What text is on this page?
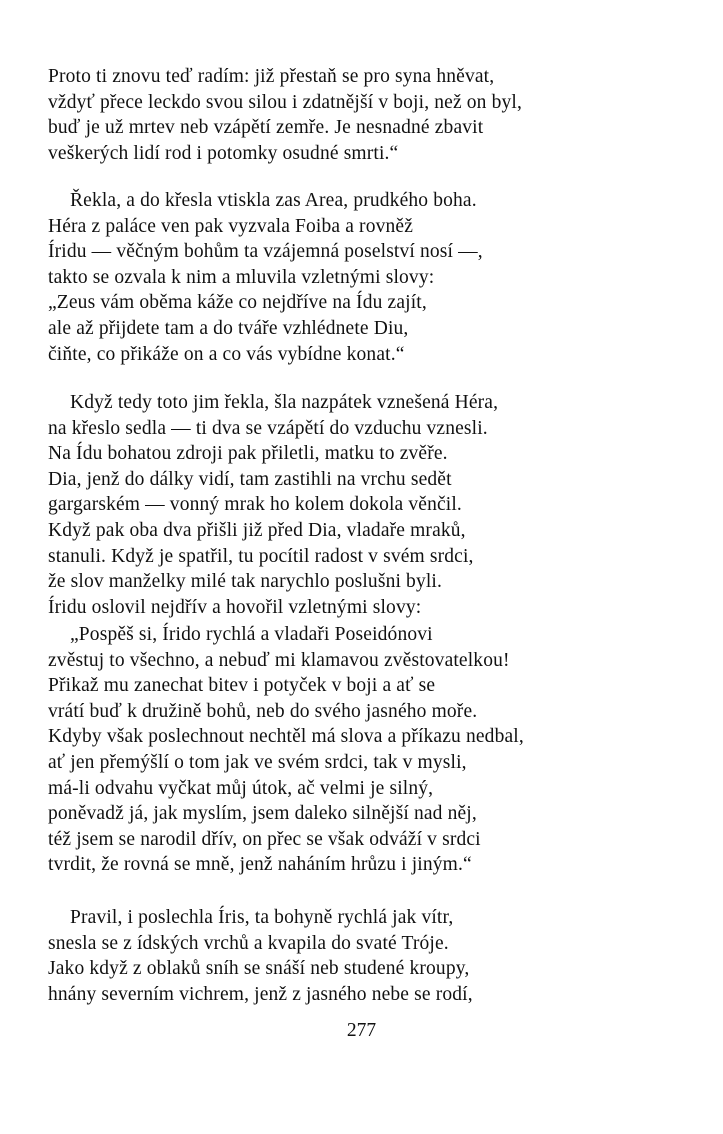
Proto ti znovu teď radím: již přestaň se pro syna hněvat,
vždyť přece leckdo svou silou i zdatnější v boji, než on byl,
buď je už mrtev neb vzápětí zemře. Je nesnadné zbavit
veškerých lidí rod i potomky osudné smrti.“
Řekla, a do křesla vtiskla zas Area, prudkého boha.
Héra z paláce ven pak vyzvala Foiba a rovněž
Íridu — věčným bohům ta vzájemná poselství nosí —,
takto se ozvala k nim a mluvila vzletnými slovy:
„Zeus vám oběma káže co nejdříve na Ídu zajít,
ale až přijdete tam a do tváře vzhlédnete Diu,
čiňte, co přikáže on a co vás vybídne konat.“
Když tedy toto jim řekla, šla nazpátek vznešená Héra,
na křeslo sedla — ti dva se vzápětí do vzduchu vznesli.
Na Ídu bohatou zdroji pak přiletli, matku to zvěře.
Dia, jenž do dálky vidí, tam zastihli na vrchu sedět
gargarském — vonný mrak ho kolem dokola věnčil.
Když pak oba dva přišli již před Dia, vladaře mraků,
stanuli. Když je spatřil, tu pocítil radost v svém srdci,
že slov manželky milé tak narychlo poslušni byli.
Íridu oslovil nejdřív a hovořil vzletnými slovy:
„Pospěš si, Írido rychlá a vladaři Poseidónovi
zvěstuj to všechno, a nebuď mi klamavou zvěstovatelkou!
Přikaž mu zanechat bitev i potyček v boji a ať se
vrátí buď k družině bohů, neb do svého jasného moře.
Kdyby však poslechnout nechtěl má slova a příkazu nedbal,
ať jen přemýšlí o tom jak ve svém srdci, tak v mysli,
má-li odvahu vyčkat můj útok, ač velmi je silný,
poněvadž já, jak myslím, jsem daleko silnější nad něj,
též jsem se narodil dřív, on přec se však odváží v srdci
tvrdit, že rovná se mně, jenž naháním hrůzu i jiným.“
Pravil, i poslechla Íris, ta bohyně rychlá jak vítr,
snesla se z ídských vrchů a kvapila do svaté Tróje.
Jako když z oblaků sníh se snáší neb studené kroupy,
hnány severním vichrem, jenž z jasného nebe se rodí,
277
